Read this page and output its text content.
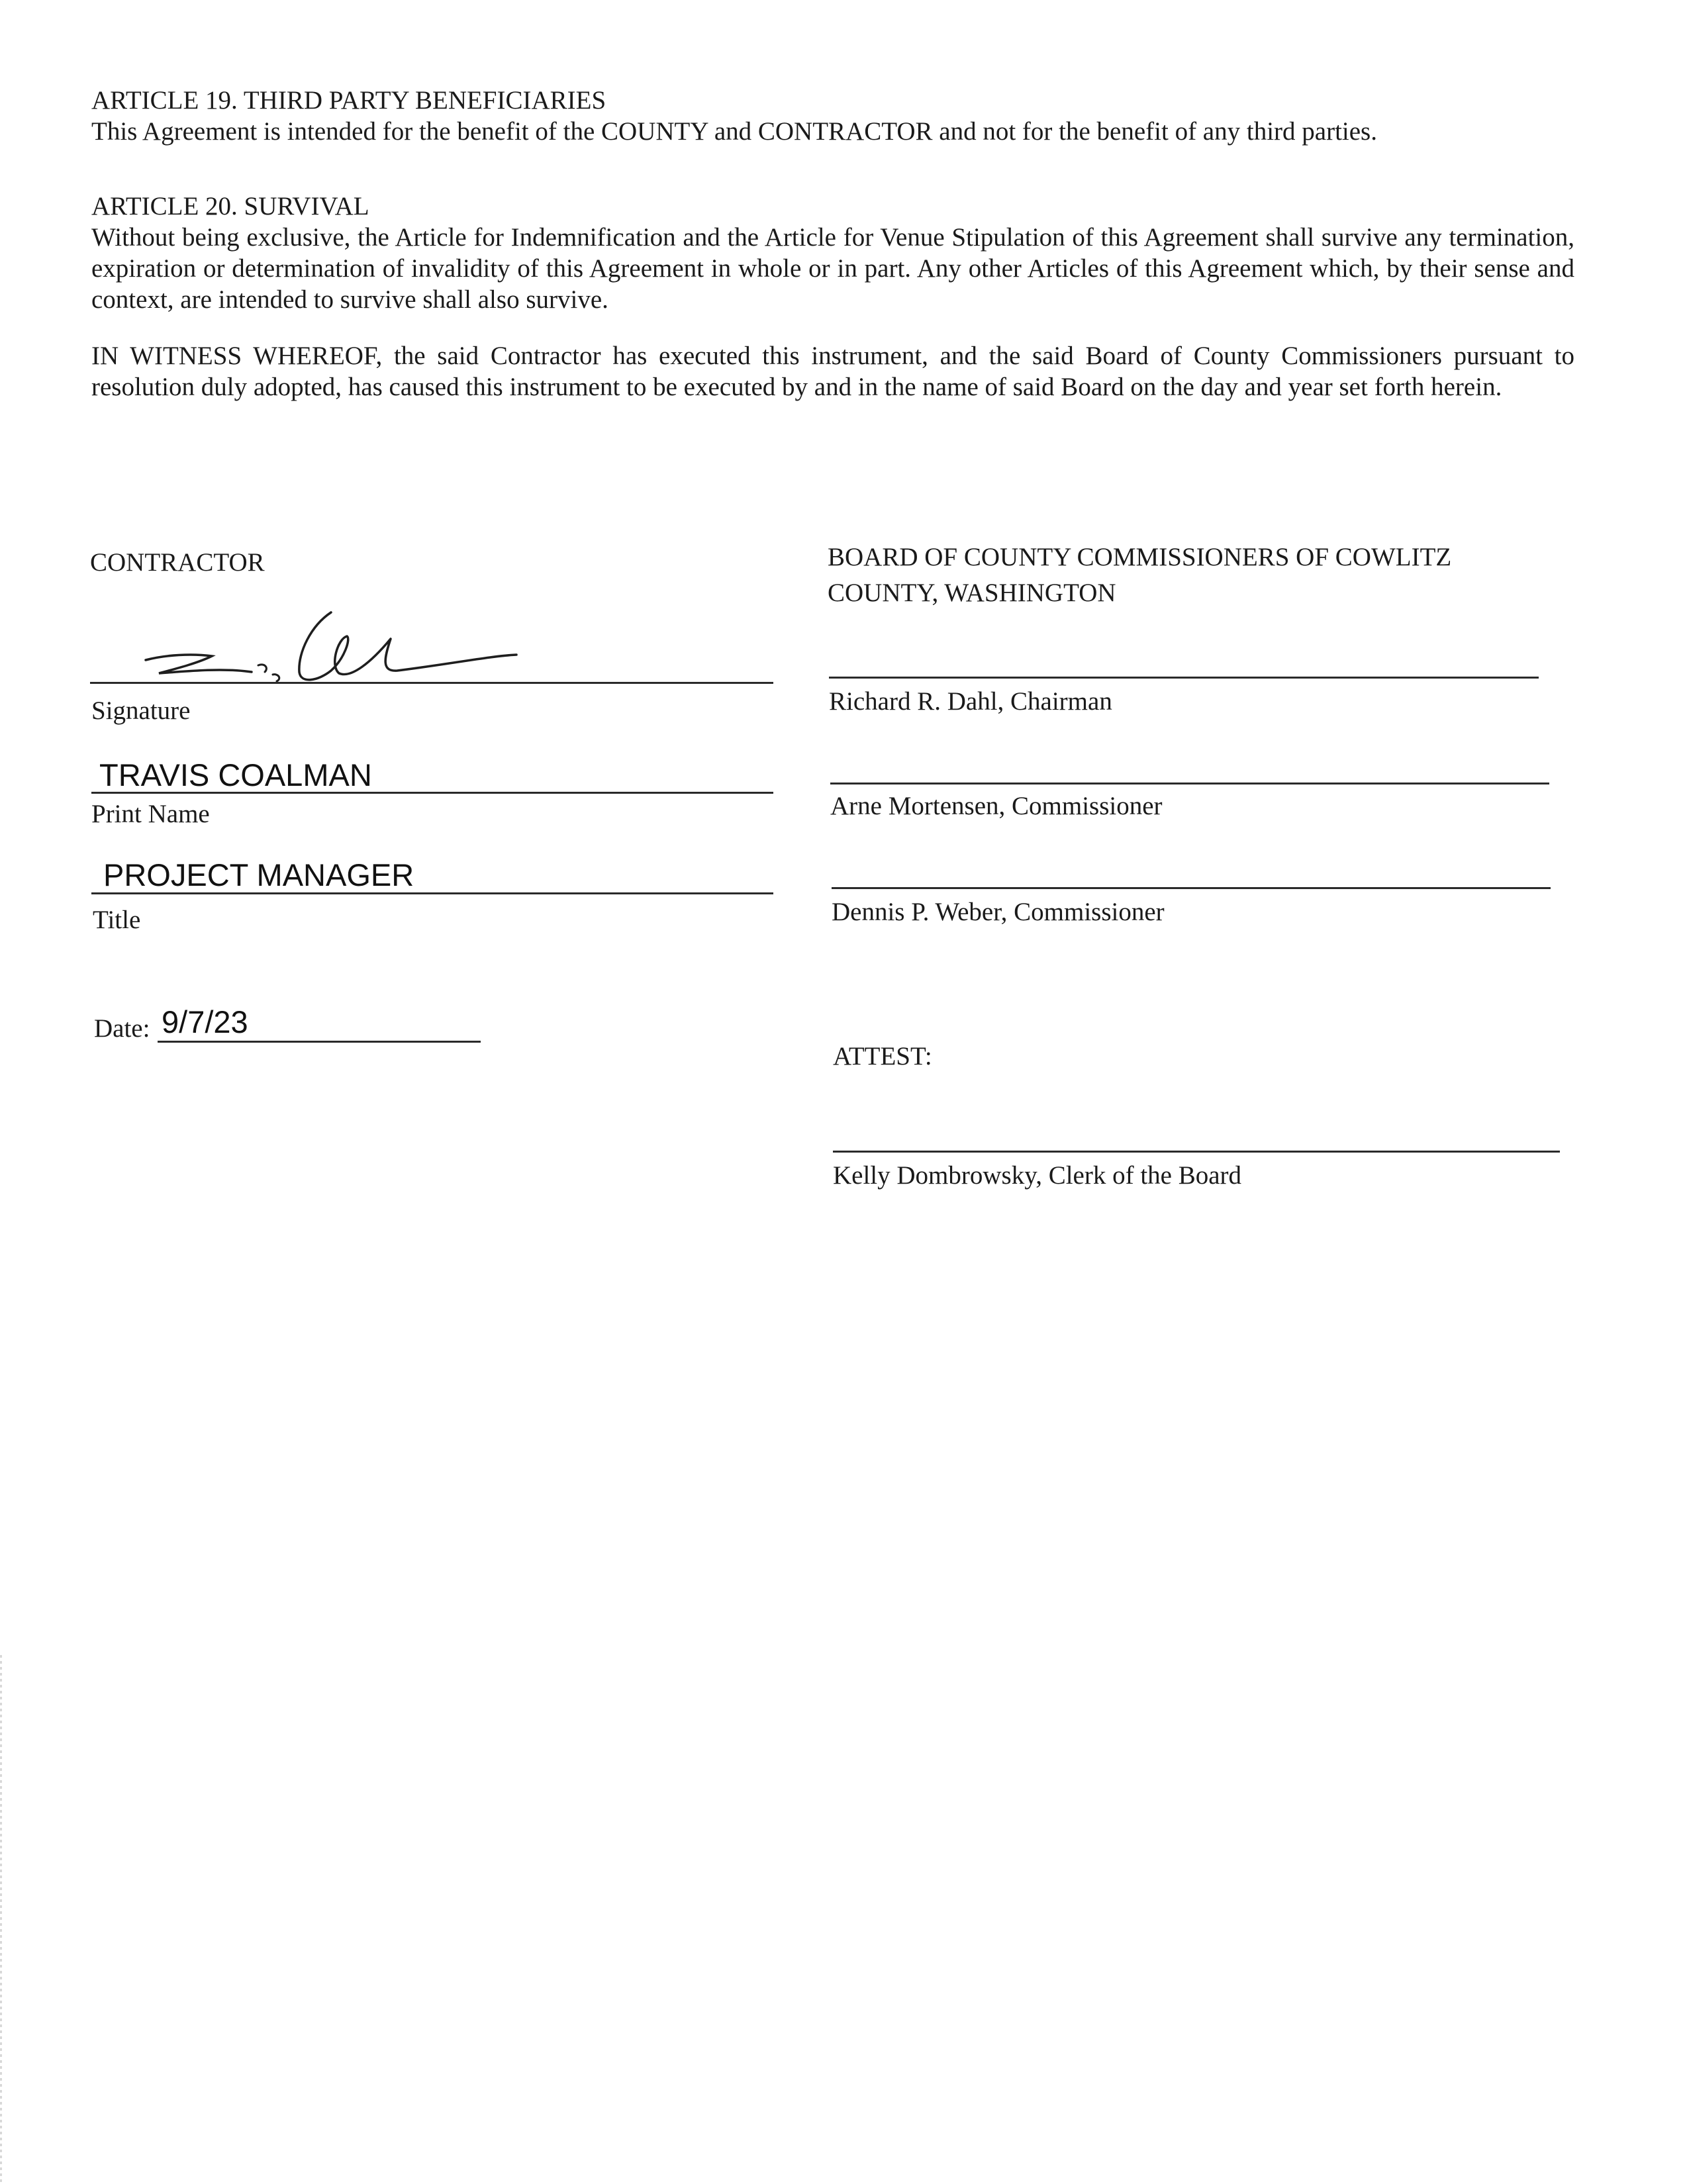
ARTICLE 19. THIRD PARTY BENEFICIARIES

This Agreement is intended for the benefit of the COUNTY and CONTRACTOR and not for the benefit of any third parties.

ARTICLE 20. SURVIVAL

Without being exclusive, the Article for Indemnification and the Article for Venue Stipulation of this Agreement shall survive any termination, expiration or determination of invalidity of this Agreement in whole or in part. Any other Articles of this Agreement which, by their sense and context, are intended to survive shall also survive.

IN WITNESS WHEREOF, the said Contractor has executed this instrument, and the said Board of County Commissioners pursuant to resolution duly adopted, has caused this instrument to be executed by and in the name of said Board on the day and year set forth herein.

CONTRACTOR
Signature
TRAVIS COALMAN
Print Name
PROJECT MANAGER
Title
Date: 9/7/23
BOARD OF COUNTY COMMISSIONERS OF COWLITZ
COUNTY, WASHINGTON
Richard R. Dahl, Chairman
Arne Mortensen, Commissioner
Dennis P. Weber, Commissioner
ATTEST:
Kelly Dombrowsky, Clerk of the Board
